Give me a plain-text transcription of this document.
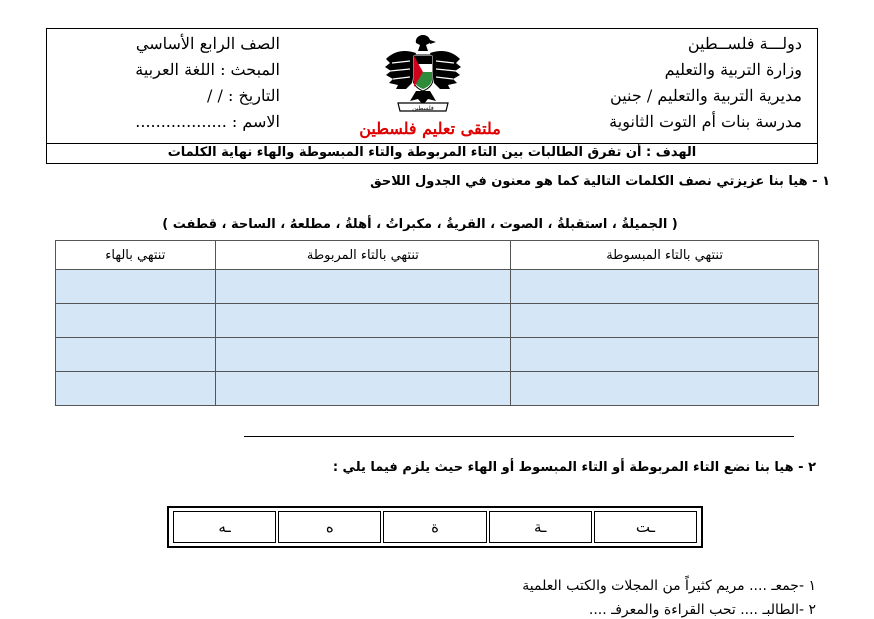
دولـــة فلســطين
وزارة التربية والتعليم
مديرية التربية والتعليم / جنين
مدرسة بنات أم التوت الثانوية
الصف الرابع الأساسي
المبحث : اللغة العربية
التاريخ : / /
الاسم : ..................
فلسطين
ملتقى تعليم فلسطين
الهدف : أن تفرق الطالبات بين التاء المربوطة والتاء المبسوطة والهاء نهاية الكلمات
١ - هيا بنا عزيزتي نصف الكلمات التالية كما هو معنون في الجدول اللاحق
( الجميلةُ ، استقبلةُ ، الصوت ، القريةُ ، مكبراتُ ، أهلةُ ، مطلعهُ ، الساحة ، قطفت )
تنتهي بالتاء المبسوطة	تنتهي بالتاء المربوطة	تنتهي بالهاء

٢ - هيا بنا نضع التاء المربوطة أو التاء المبسوط أو الهاء حيث يلزم فيما يلي :
ـت
ـة
ة
ه
ـه
١ -جمعـ .... مريم كثيراً من المجلات والكتب العلمية
٢ -الطالبـ .... تحب القراءة والمعرفـ ....
